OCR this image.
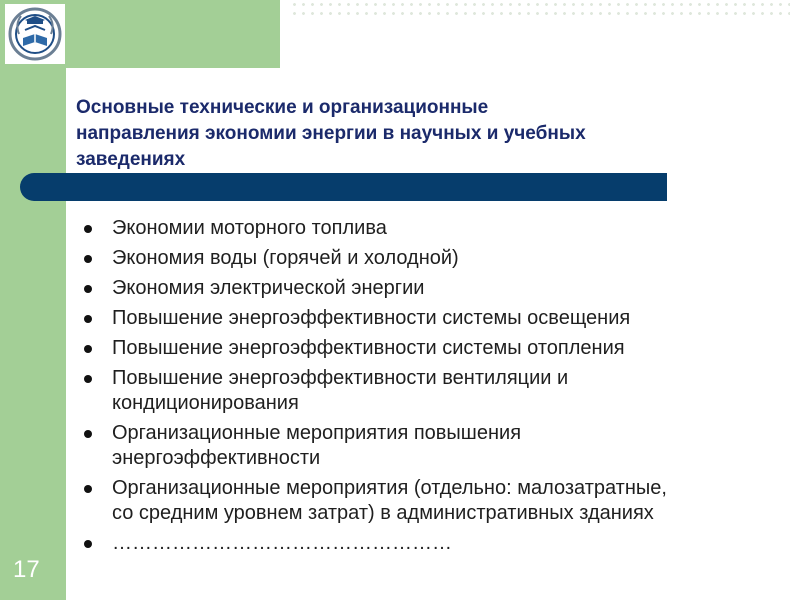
Основные технические и организационные
направления экономии энергии в научных и учебных
заведениях
Экономии моторного топлива
Экономия воды (горячей и холодной)
Экономия электрической энергии
Повышение энергоэффективности системы освещения
Повышение энергоэффективности системы отопления
Повышение энергоэффективности вентиляции и
кондиционирования
Организационные мероприятия повышения
энергоэффективности
Организационные мероприятия (отдельно: малозатратные,
со средним уровнем затрат) в административных зданиях
……………………………………………
17
